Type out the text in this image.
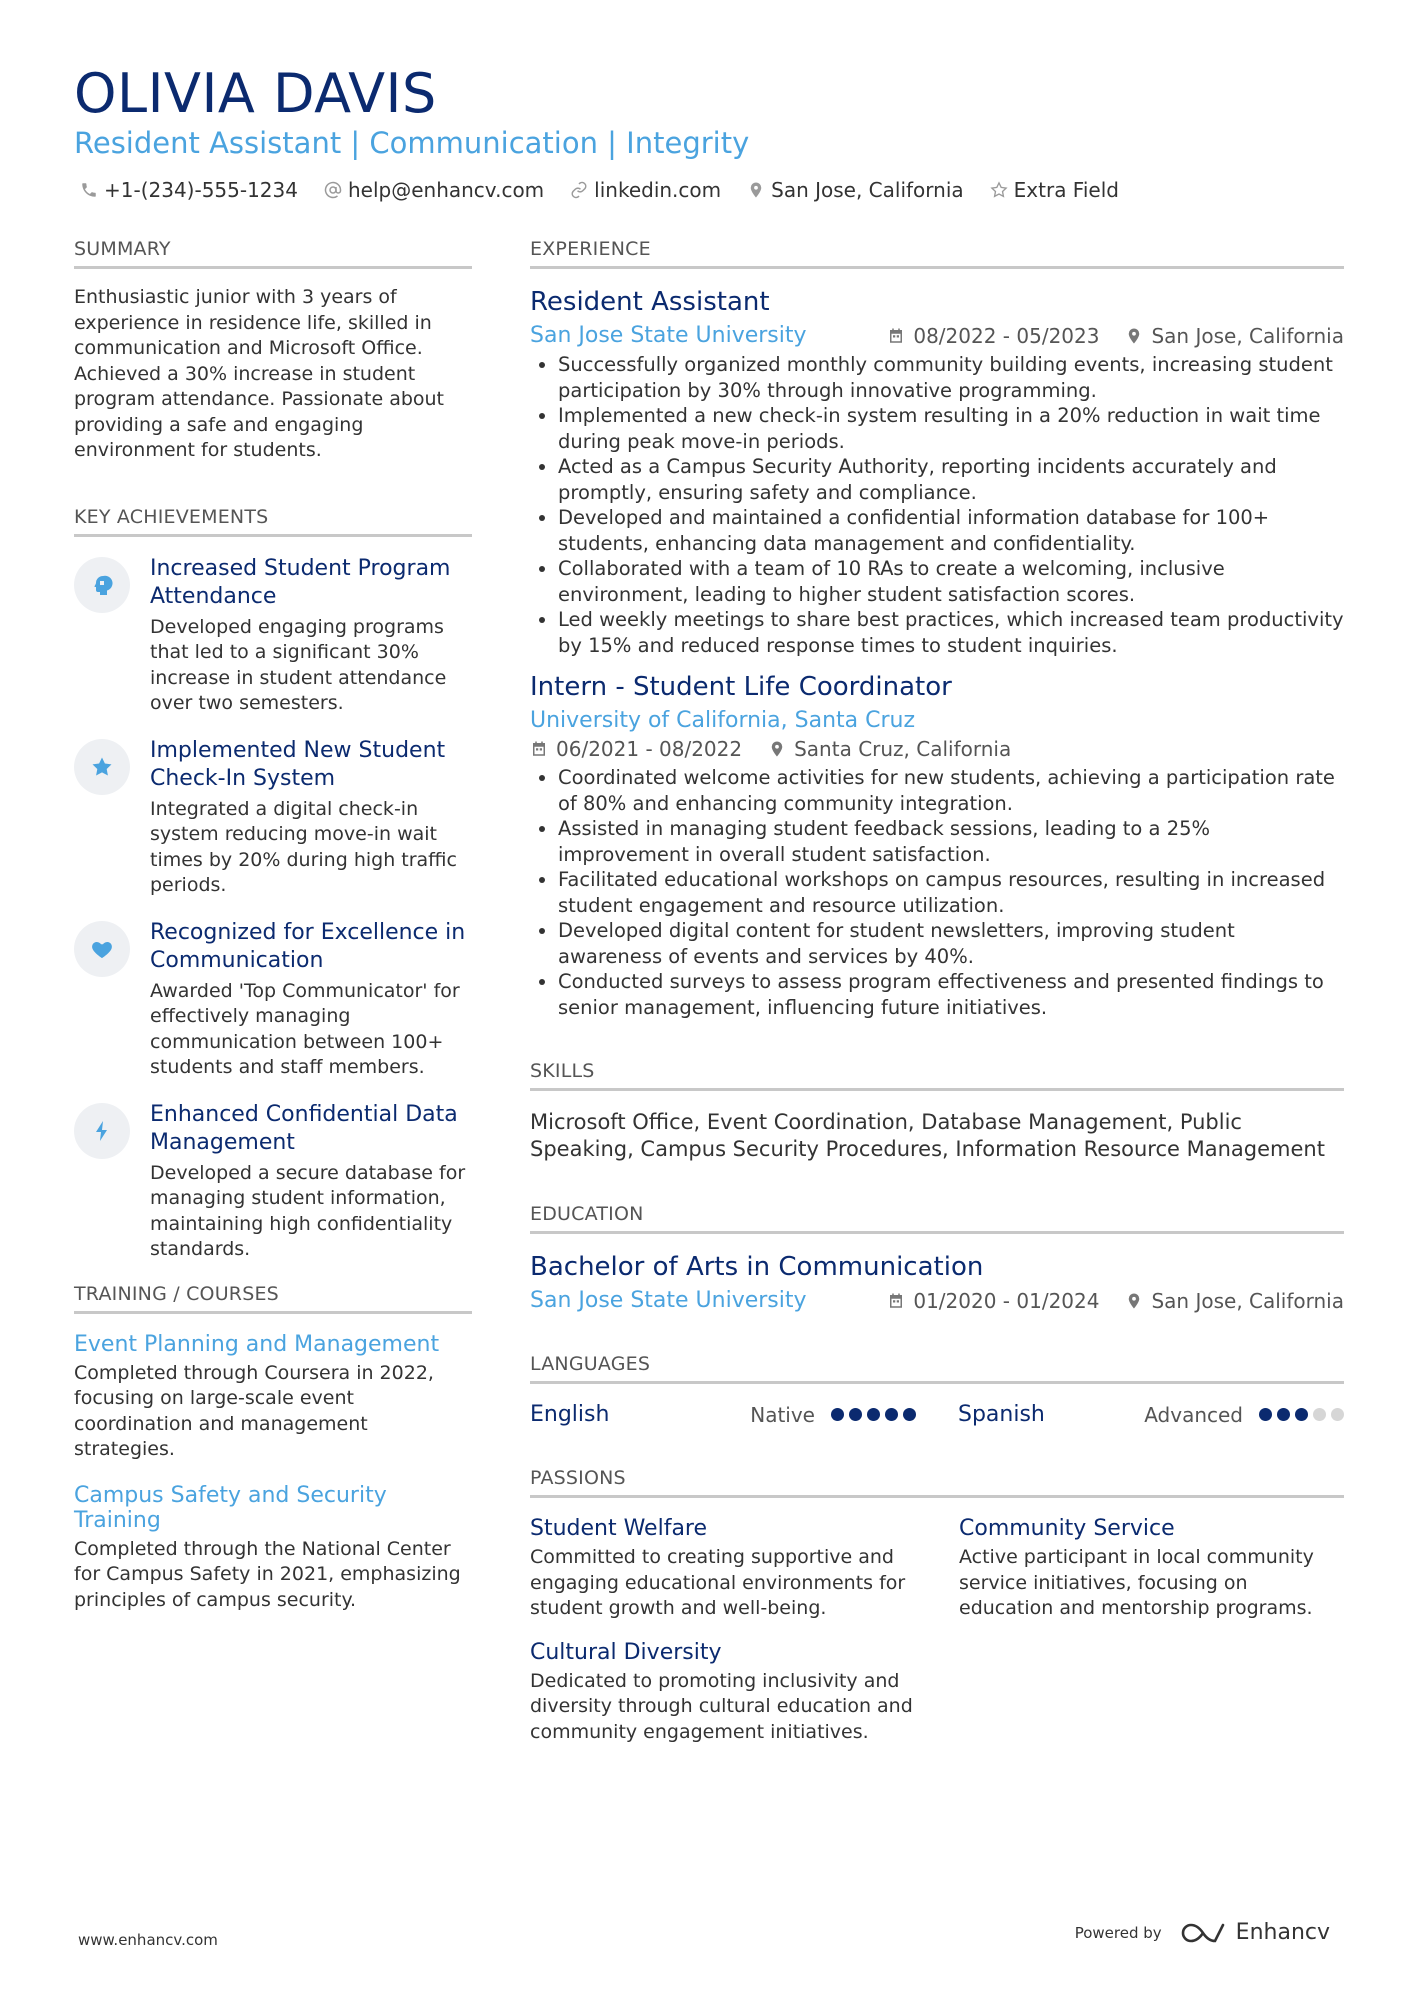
OLIVIA DAVIS
Resident Assistant | Communication | Integrity
+1-(234)-555-1234	help@enhancv.com	linkedin.com	San Jose, California	Extra Field
SUMMARY
Enthusiastic junior with 3 years of experience in residence life, skilled in communication and Microsoft Office. Achieved a 30% increase in student program attendance. Passionate about providing a safe and engaging environment for students.
KEY ACHIEVEMENTS
Increased Student Program Attendance
Developed engaging programs that led to a significant 30% increase in student attendance over two semesters.
Implemented New Student Check-In System
Integrated a digital check-in system reducing move-in wait times by 20% during high traffic periods.
Recognized for Excellence in Communication
Awarded 'Top Communicator' for effectively managing communication between 100+ students and staff members.
Enhanced Confidential Data Management
Developed a secure database for managing student information, maintaining high confidentiality standards.
TRAINING / COURSES
Event Planning and Management
Completed through Coursera in 2022, focusing on large-scale event coordination and management strategies.
Campus Safety and Security Training
Completed through the National Center for Campus Safety in 2021, emphasizing principles of campus security.
EXPERIENCE
Resident Assistant
San Jose State University	08/2022 - 05/2023	San Jose, California
• Successfully organized monthly community building events, increasing student participation by 30% through innovative programming.
• Implemented a new check-in system resulting in a 20% reduction in wait time during peak move-in periods.
• Acted as a Campus Security Authority, reporting incidents accurately and promptly, ensuring safety and compliance.
• Developed and maintained a confidential information database for 100+ students, enhancing data management and confidentiality.
• Collaborated with a team of 10 RAs to create a welcoming, inclusive environment, leading to higher student satisfaction scores.
• Led weekly meetings to share best practices, which increased team productivity by 15% and reduced response times to student inquiries.
Intern - Student Life Coordinator
University of California, Santa Cruz
06/2021 - 08/2022	Santa Cruz, California
• Coordinated welcome activities for new students, achieving a participation rate of 80% and enhancing community integration.
• Assisted in managing student feedback sessions, leading to a 25% improvement in overall student satisfaction.
• Facilitated educational workshops on campus resources, resulting in increased student engagement and resource utilization.
• Developed digital content for student newsletters, improving student awareness of events and services by 40%.
• Conducted surveys to assess program effectiveness and presented findings to senior management, influencing future initiatives.
SKILLS
Microsoft Office, Event Coordination, Database Management, Public Speaking, Campus Security Procedures, Information Resource Management
EDUCATION
Bachelor of Arts in Communication
San Jose State University	01/2020 - 01/2024	San Jose, California
LANGUAGES
English	Native	Spanish	Advanced
PASSIONS
Student Welfare
Committed to creating supportive and engaging educational environments for student growth and well-being.
Community Service
Active participant in local community service initiatives, focusing on education and mentorship programs.
Cultural Diversity
Dedicated to promoting inclusivity and diversity through cultural education and community engagement initiatives.
www.enhancv.com	Powered by	Enhancv
